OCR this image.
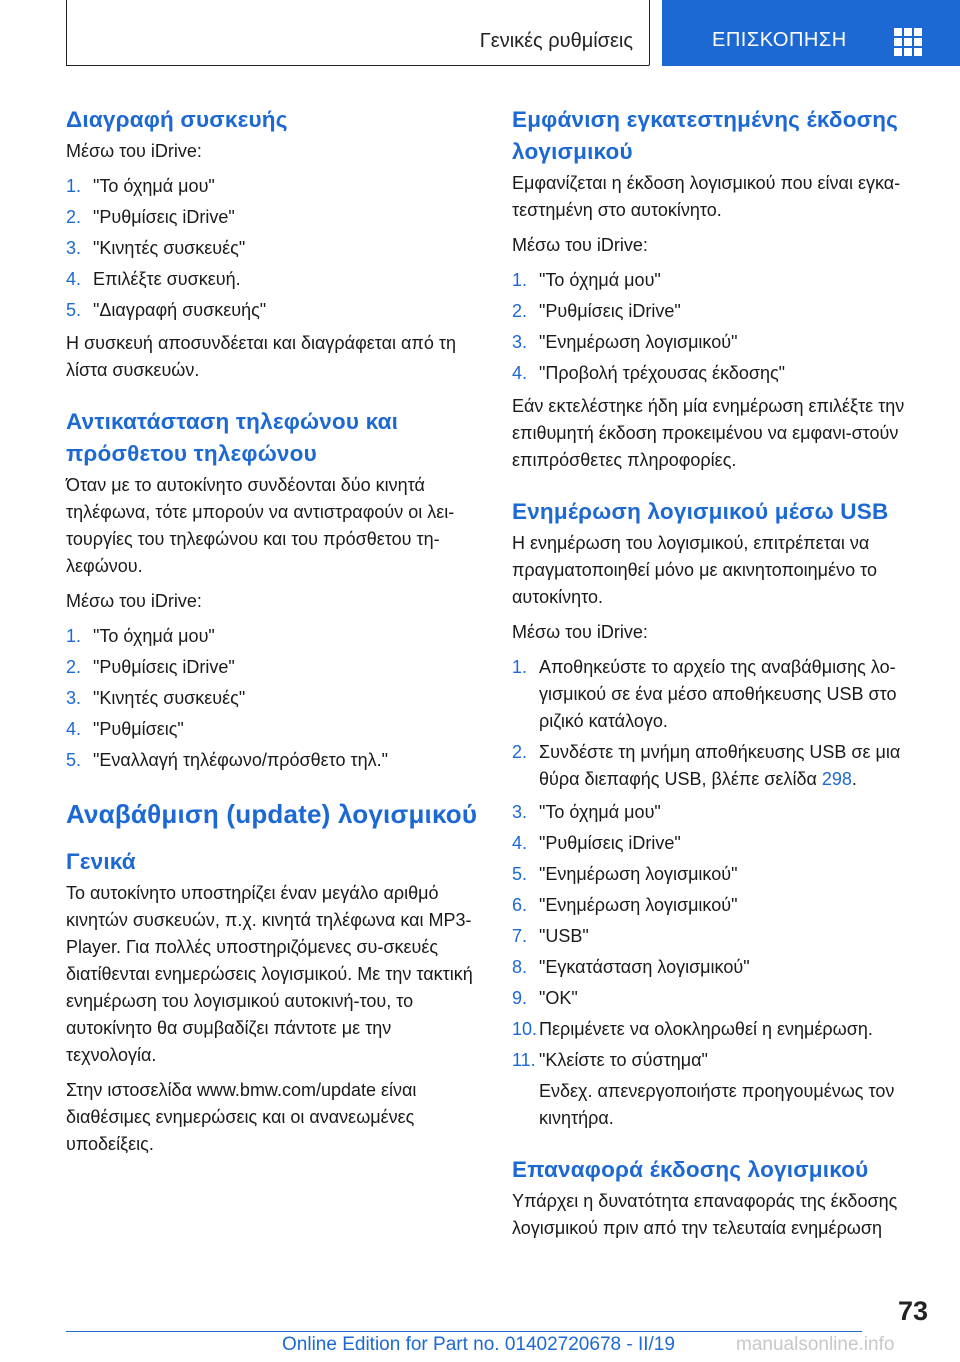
Γενικές ρυθμίσεις	ΕΠΙΣΚΟΠΗΣΗ
Διαγραφή συσκευής

Μέσω του iDrive:

1. "Το όχημά μου"
2. "Ρυθμίσεις iDrive"
3. "Κινητές συσκευές"
4. Επιλέξτε συσκευή.
5. "Διαγραφή συσκευής"

Η συσκευή αποσυνδέεται και διαγράφεται από τη λίστα συσκευών.

Αντικατάσταση τηλεφώνου και πρόσθετου τηλεφώνου

Όταν με το αυτοκίνητο συνδέονται δύο κινητά τηλέφωνα, τότε μπορούν να αντιστραφούν οι λει-τουργίες του τηλεφώνου και του πρόσθετου τη-λεφώνου.

Μέσω του iDrive:

1. "Το όχημά μου"
2. "Ρυθμίσεις iDrive"
3. "Κινητές συσκευές"
4. "Ρυθμίσεις"
5. "Εναλλαγή τηλέφωνο/πρόσθετο τηλ."
Αναβάθμιση (update) λογισμικού
Γενικά

Το αυτοκίνητο υποστηρίζει έναν μεγάλο αριθμό κινητών συσκευών, π.χ. κινητά τηλέφωνα και MP3-Player. Για πολλές υποστηριζόμενες συ-σκευές διατίθενται ενημερώσεις λογισμικού. Με την τακτική ενημέρωση του λογισμικού αυτοκινή-του, το αυτοκίνητο θα συμβαδίζει πάντοτε με την τεχνολογία.

Στην ιστοσελίδα www.bmw.com/update είναι διαθέσιμες ενημερώσεις και οι ανανεωμένες υποδείξεις.

Εμφάνιση εγκατεστημένης έκδοσης λογισμικού

Εμφανίζεται η έκδοση λογισμικού που είναι εγκα-τεστημένη στο αυτοκίνητο.

Μέσω του iDrive:

1. "Το όχημά μου"
2. "Ρυθμίσεις iDrive"
3. "Ενημέρωση λογισμικού"
4. "Προβολή τρέχουσας έκδοσης"

Εάν εκτελέστηκε ήδη μία ενημέρωση επιλέξτε την επιθυμητή έκδοση προκειμένου να εμφανι-στούν επιπρόσθετες πληροφορίες.

Ενημέρωση λογισμικού μέσω USB

Η ενημέρωση του λογισμικού, επιτρέπεται να πραγματοποιηθεί μόνο με ακινητοποιημένο το αυτοκίνητο.

Μέσω του iDrive:

1. Αποθηκεύστε το αρχείο της αναβάθμισης λο-γισμικού σε ένα μέσο αποθήκευσης USB στο ριζικό κατάλογο.
2. Συνδέστε τη μνήμη αποθήκευσης USB σε μια θύρα διεπαφής USB, βλέπε σελίδα 298.
3. "Το όχημά μου"
4. "Ρυθμίσεις iDrive"
5. "Ενημέρωση λογισμικού"
6. "Ενημέρωση λογισμικού"
7. "USB"
8. "Εγκατάσταση λογισμικού"
9. "OK"
10. Περιμένετε να ολοκληρωθεί η ενημέρωση.
11. "Κλείστε το σύστημα"
Ενδεχ. απενεργοποιήστε προηγουμένως τον κινητήρα.
Επαναφορά έκδοσης λογισμικού

Υπάρχει η δυνατότητα επαναφοράς της έκδοσης λογισμικού πριν από την τελευταία ενημέρωση

73
Online Edition for Part no. 01402720678 - II/19	manualsonline.info
